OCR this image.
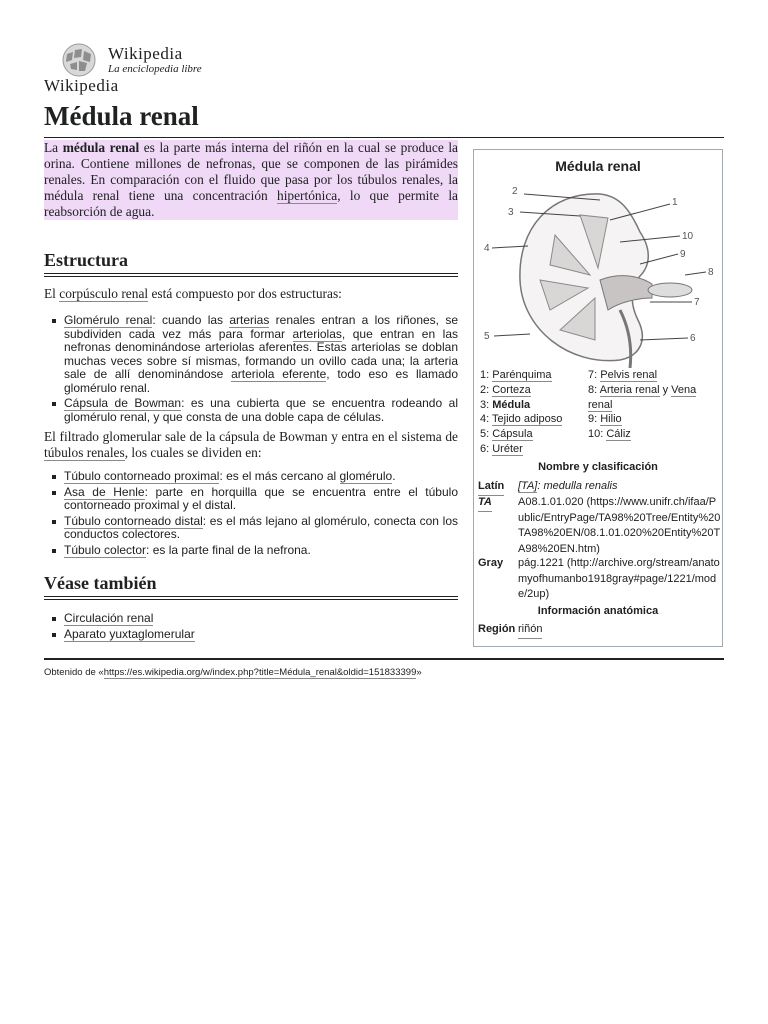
Wikipedia
La enciclopedia libre
Wikipedia
Médula renal

La médula renal es la parte más interna del riñón en la cual se produce la orina. Contiene millones de nefronas, que se componen de las pirámides renales. En comparación con el fluido que pasa por los túbulos renales, la médula renal tiene una concentración hipertónica, lo que permite la reabsorción de agua.

Estructura

El corpúsculo renal está compuesto por dos estructuras:

Glomérulo renal: cuando las arterias renales entran a los riñones, se subdividen cada vez más para formar arteriolas, que entran en las nefronas denominándose arteriolas aferentes. Estas arteriolas se doblan muchas veces sobre sí mismas, formando un ovillo cada una; la arteria sale de allí denominándose arteriola eferente, todo eso es llamado glomérulo renal.
Cápsula de Bowman: es una cubierta que se encuentra rodeando al glomérulo renal, y que consta de una doble capa de células.

El filtrado glomerular sale de la cápsula de Bowman y entra en el sistema de túbulos renales, los cuales se dividen en:

Túbulo contorneado proximal: es el más cercano al glomérulo.
Asa de Henle: parte en horquilla que se encuentra entre el túbulo contorneado proximal y el distal.
Túbulo contorneado distal: es el más lejano al glomérulo, conecta con los conductos colectores.
Túbulo colector: es la parte final de la nefrona.
Véase también
Circulación renal
Aparato yuxtaglomerular
Médula renal
2
3
1
10
4
9
8
7
5	6
1: Parénquima
2: Corteza
3: Médula
4: Tejido adiposo
5: Cápsula
6: Uréter
7: Pelvis renal
8: Arteria renal y Vena
renal
9: Hilio
10: Cáliz
Nombre y clasificación
Latín [TA]: medulla renalis
TA A08.1.01.020 (https://www.unifr.ch/ifaa/Public/EntryPage/TA98%20Tree/Entity%20TA98%20EN/08.1.01.020%20Entity%20TA98%20EN.htm)
Gray pág.1221 (http://archive.org/stream/anatomyofhumanbo1918gray#page/1221/mode/2up)
Información anatómica
Región riñón
Obtenido de «https://es.wikipedia.org/w/index.php?title=Médula_renal&oldid=151833399»
